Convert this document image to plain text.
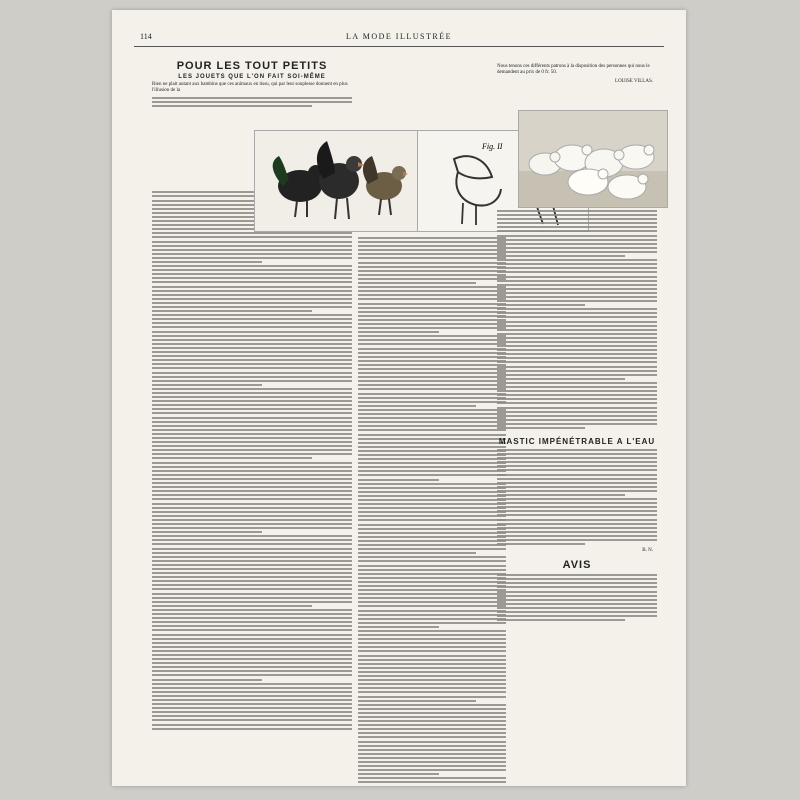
114	LA MODE ILLUSTRÉE
POUR LES TOUT PETITS
LES JOUETS QUE L'ON FAIT SOI-MÊME
Rien ne plait autant aux bambins que ces animaux en tissu, qui par leur souplesse donnent en plus l'illusion de la
Fig. II
Nous tenons ces différents patrons à la disposition des personnes qui nous le demandent au prix de 0 fr. 50.
LOUISE VILLAS.
MASTIC IMPÉNÉTRABLE A L'EAU
B. N.
AVIS
